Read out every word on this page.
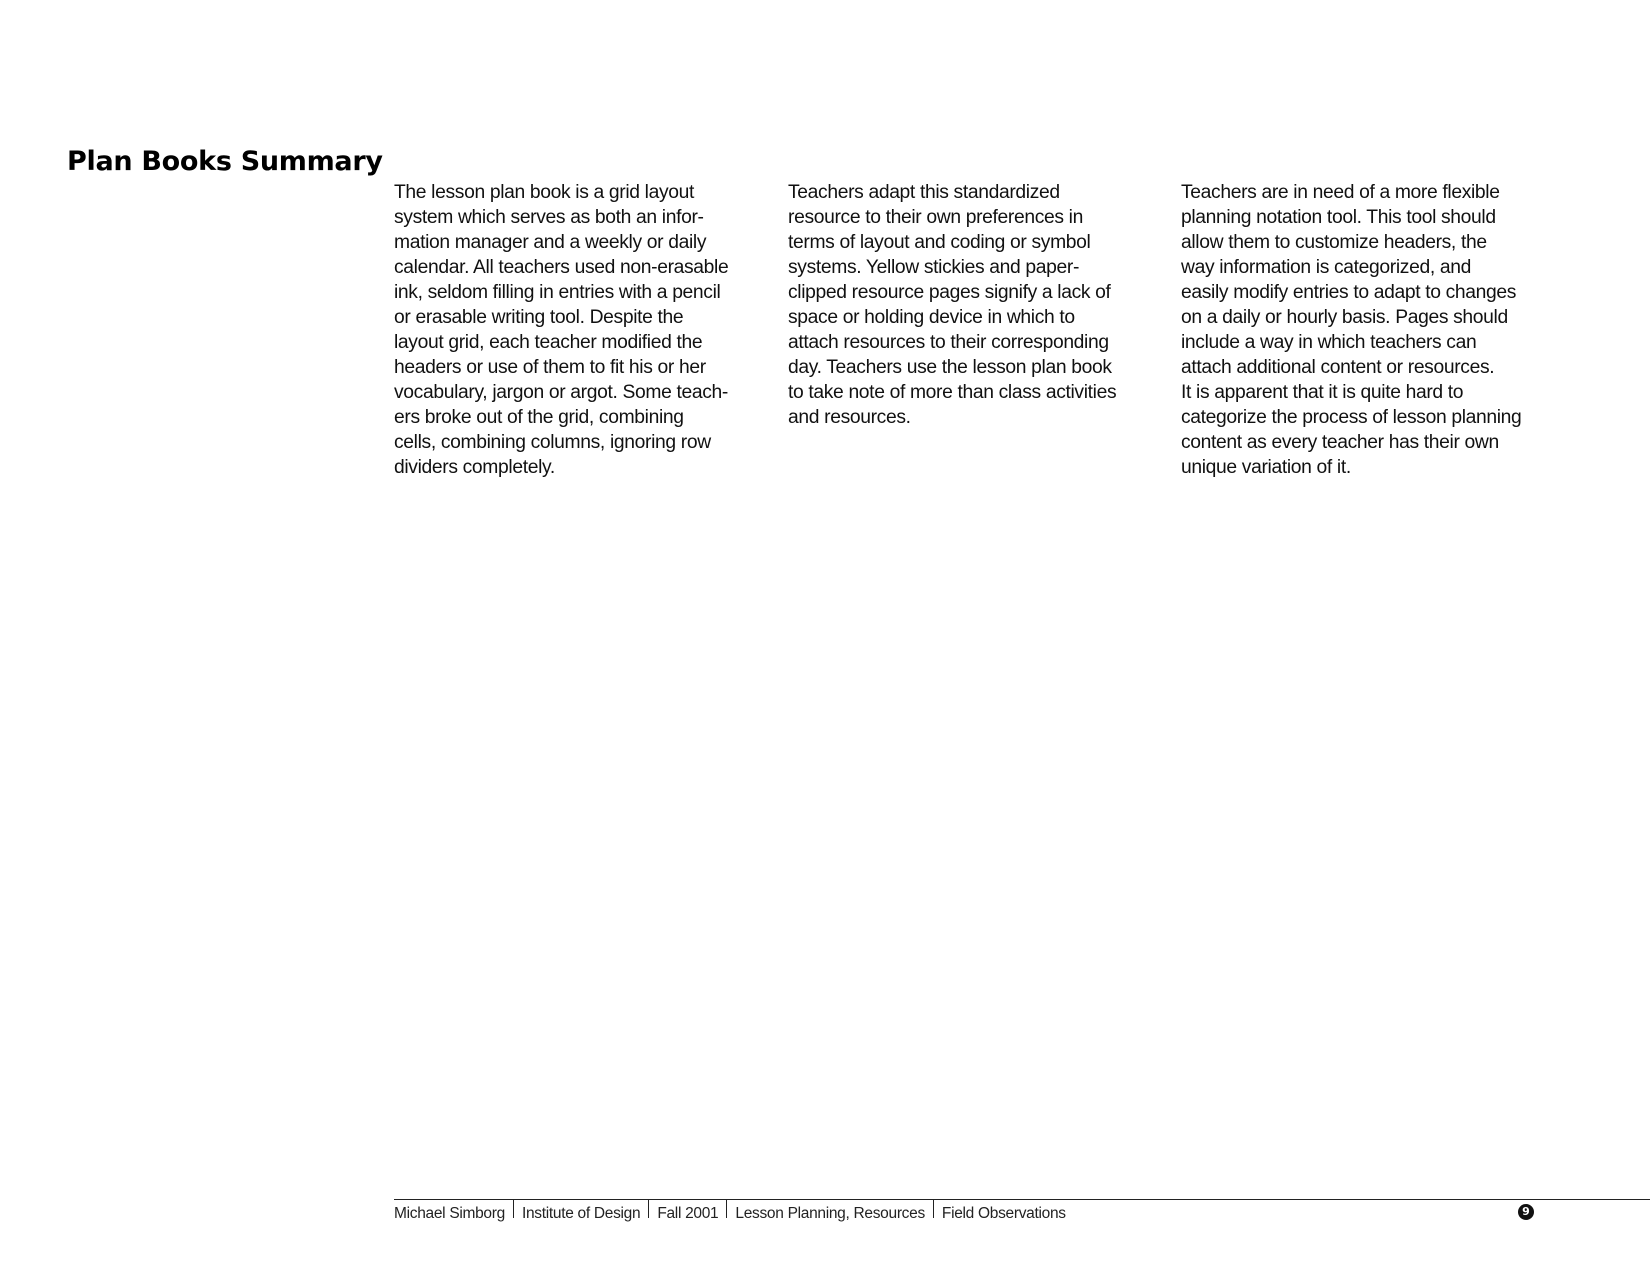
Plan Books Summary
The lesson plan book is a grid layout
system which serves as both an infor-
mation manager and a weekly or daily
calendar. All teachers used non-erasable
ink, seldom filling in entries with a pencil
or erasable writing tool. Despite the
layout grid, each teacher modified the
headers or use of them to fit his or her
vocabulary, jargon or argot. Some teach-
ers broke out of the grid, combining
cells, combining columns, ignoring row
dividers completely.
Teachers adapt this standardized
resource to their own preferences in
terms of layout and coding or symbol
systems. Yellow stickies and paper-
clipped resource pages signify a lack of
space or holding device in which to
attach resources to their corresponding
day. Teachers use the lesson plan book
to take note of more than class activities
and resources.
Teachers are in need of a more flexible
planning notation tool. This tool should
allow them to customize headers, the
way information is categorized, and
easily modify entries to adapt to changes
on a daily or hourly basis. Pages should
include a way in which teachers can
attach additional content or resources.
It is apparent that it is quite hard to
categorize the process of lesson planning
content as every teacher has their own
unique variation of it.
Michael Simborg	Institute of Design	Fall 2001	Lesson Planning, Resources	Field Observations	9
